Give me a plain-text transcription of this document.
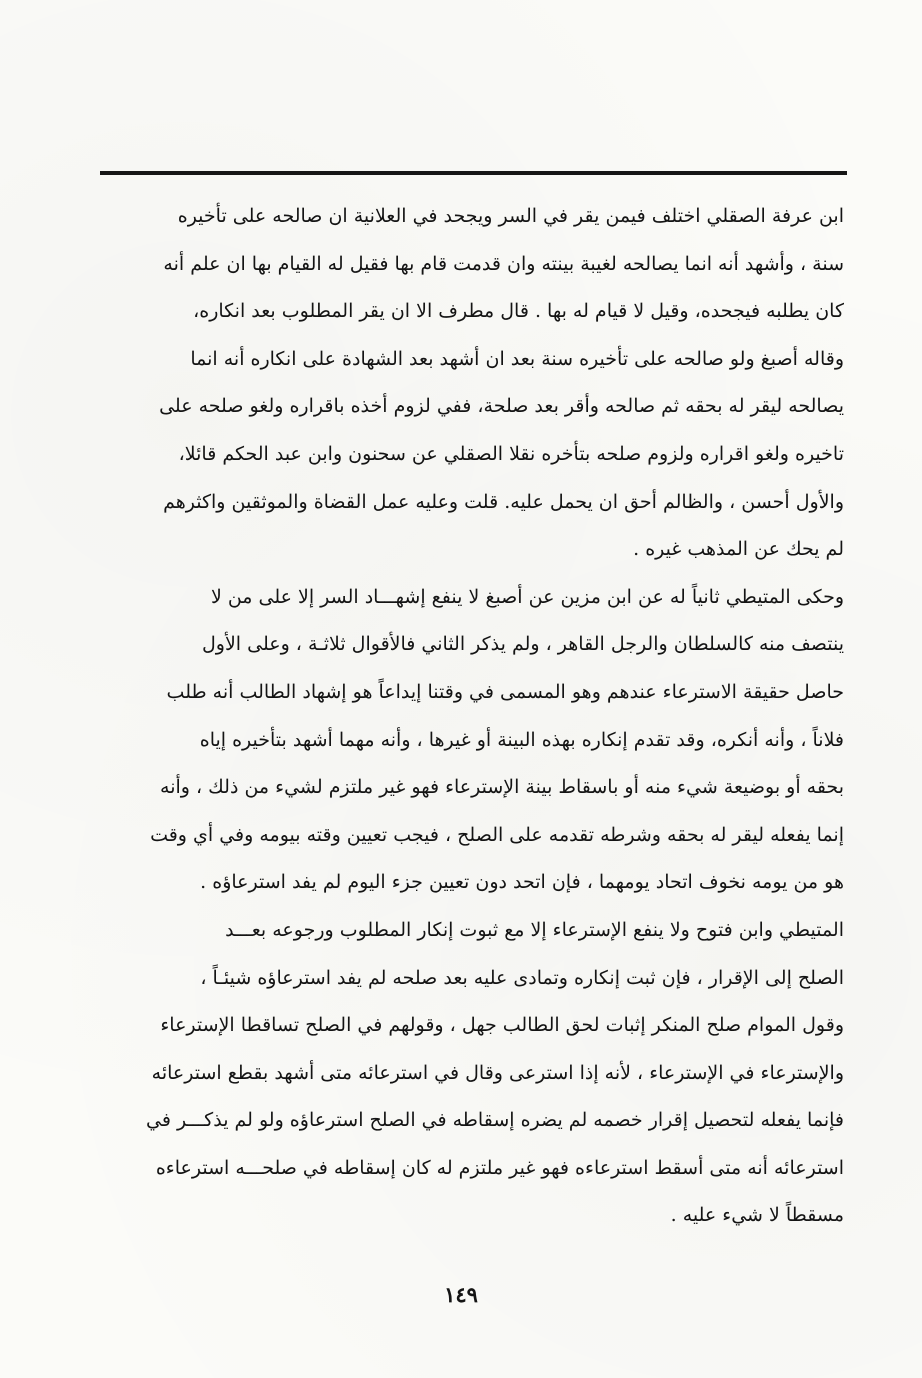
ابن عرفة الصقلي اختلف فيمن يقر في السر ويجحد في العلانية ان صالحه على تأخيره
سنة ، وأشهد أنه انما يصالحه لغيبة بينته وان قدمت قام بها فقيل له القيام بها ان علم أنه
كان يطلبه فيجحده، وقيل لا قيام له بها . قال مطرف الا ان يقر المطلوب بعد انكاره،
وقاله أصبغ ولو صالحه على تأخيره سنة بعد ان أشهد بعد الشهادة على انكاره أنه انما
يصالحه ليقر له بحقه ثم صالحه وأقر بعد صلحة، ففي لزوم أخذه باقراره ولغو صلحه على
تاخيره ولغو اقراره ولزوم صلحه بتأخره نقلا الصقلي عن سحنون وابن عبد الحكم قائلا،
والأول أحسن ، والظالم أحق ان يحمل عليه. قلت وعليه عمل القضاة والموثقين واكثرهم
لم يحك عن المذهب غيره .
وحكى المتيطي ثانياً له عن ابن مزين عن أصبغ لا ينفع إشهـــاد السر إلا على من لا
ينتصف منه كالسلطان والرجل القاهر ، ولم يذكر الثاني فالأقوال ثلاثـة ، وعلى الأول
حاصل حقيقة الاسترعاء عندهم وهو المسمى في وقتنا إيداعاً هو إشهاد الطالب أنه طلب
فلاناً ، وأنه أنكره، وقد تقدم إنكاره بهذه البينة أو غيرها ، وأنه مهما أشهد بتأخيره إياه
بحقه أو بوضيعة شيء منه أو باسقاط بينة الإسترعاء فهو غير ملتزم لشيء من ذلك ، وأنه
إنما يفعله ليقر له بحقه وشرطه تقدمه على الصلح ، فيجب تعيين وقته بيومه وفي أي وقت
هو من يومه نخوف اتحاد يومهما ، فإن اتحد دون تعيين جزء اليوم لم يفد استرعاؤه .
المتيطي وابن فتوح ولا ينفع الإسترعاء إلا مع ثبوت إنكار المطلوب ورجوعه بعـــد
الصلح إلى الإقرار ، فإن ثبت إنكاره وتمادى عليه بعد صلحه لم يفد استرعاؤه شيئـاً ،
وقول الموام صلح المنكر إثبات لحق الطالب جهل ، وقولهم في الصلح تساقطا الإسترعاء
والإسترعاء في الإسترعاء ، لأنه إذا استرعى وقال في استرعائه متى أشهد بقطع استرعائه
فإنما يفعله لتحصيل إقرار خصمه لم يضره إسقاطه في الصلح استرعاؤه ولو لم يذكـــر في
استرعائه أنه متى أسقط استرعاءه فهو غير ملتزم له كان إسقاطه في صلحـــه استرعاءه
مسقطاً لا شيء عليه .
١٤٩
